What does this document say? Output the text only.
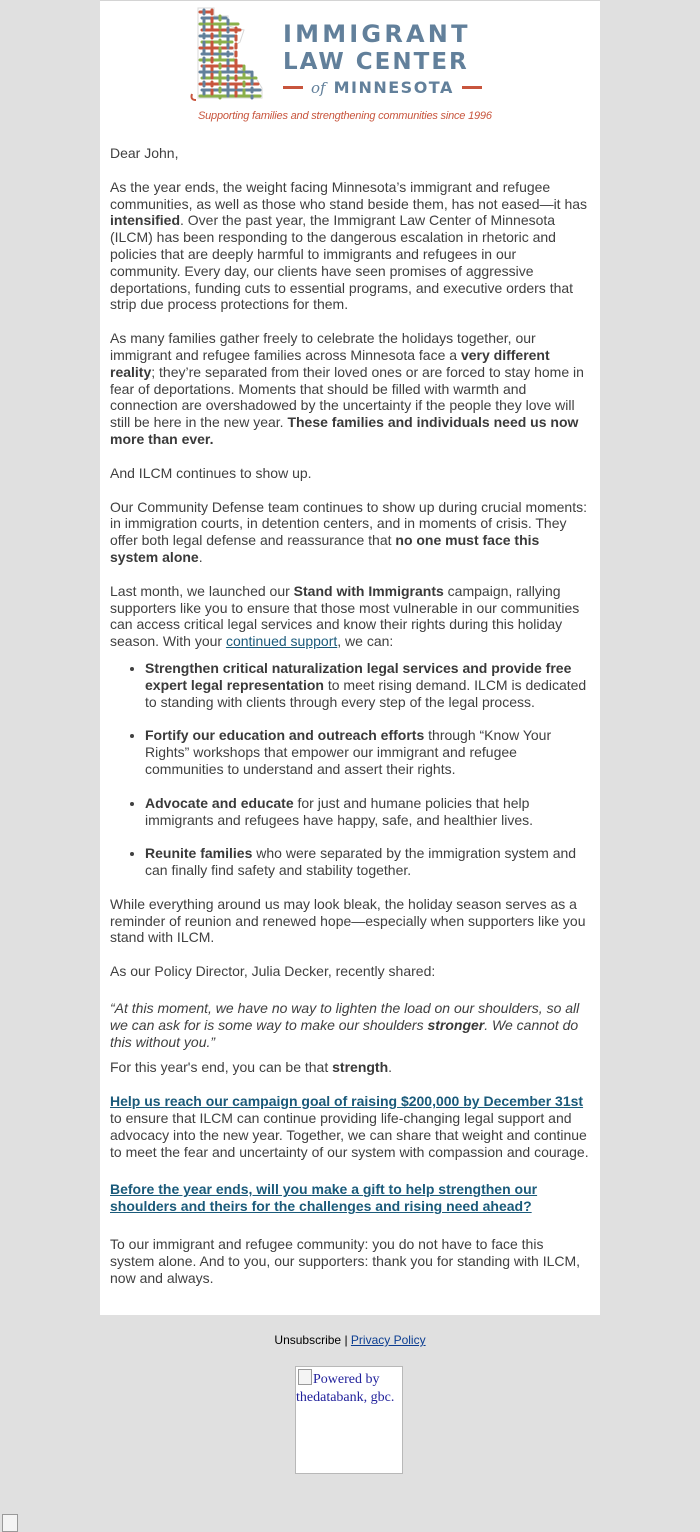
IMMIGRANT
LAW CENTER
of MINNESOTA
Supporting families and strengthening communities since 1996

Dear John,

As the year ends, the weight facing Minnesota’s immigrant and refugee communities, as well as those who stand beside them, has not eased—it has intensified. Over the past year, the Immigrant Law Center of Minnesota (ILCM) has been responding to the dangerous escalation in rhetoric and policies that are deeply harmful to immigrants and refugees in our community. Every day, our clients have seen promises of aggressive deportations, funding cuts to essential programs, and executive orders that strip due process protections for them.

As many families gather freely to celebrate the holidays together, our immigrant and refugee families across Minnesota face a very different reality; they’re separated from their loved ones or are forced to stay home in fear of deportations. Moments that should be filled with warmth and connection are overshadowed by the uncertainty if the people they love will still be here in the new year. These families and individuals need us now more than ever.

And ILCM continues to show up.

Our Community Defense team continues to show up during crucial moments: in immigration courts, in detention centers, and in moments of crisis. They offer both legal defense and reassurance that no one must face this system alone.

Last month, we launched our Stand with Immigrants campaign, rallying supporters like you to ensure that those most vulnerable in our communities can access critical legal services and know their rights during this holiday season. With your continued support, we can:

• Strengthen critical naturalization legal services and provide free expert legal representation to meet rising demand. ILCM is dedicated to standing with clients through every step of the legal process.
• Fortify our education and outreach efforts through “Know Your Rights” workshops that empower our immigrant and refugee communities to understand and assert their rights.
• Advocate and educate for just and humane policies that help immigrants and refugees have happy, safe, and healthier lives.
• Reunite families who were separated by the immigration system and can finally find safety and stability together.

While everything around us may look bleak, the holiday season serves as a reminder of reunion and renewed hope—especially when supporters like you stand with ILCM.

As our Policy Director, Julia Decker, recently shared:

“At this moment, we have no way to lighten the load on our shoulders, so all we can ask for is some way to make our shoulders stronger. We cannot do this without you.”

For this year's end, you can be that strength.

Help us reach our campaign goal of raising $200,000 by December 31st to ensure that ILCM can continue providing life-changing legal support and advocacy into the new year. Together, we can share that weight and continue to meet the fear and uncertainty of our system with compassion and courage.

Before the year ends, will you make a gift to help strengthen our shoulders and theirs for the challenges and rising need ahead?

To our immigrant and refugee community: you do not have to face this system alone. And to you, our supporters: thank you for standing with ILCM, now and always.

Unsubscribe | Privacy Policy
Powered by thedatabank, gbc.
